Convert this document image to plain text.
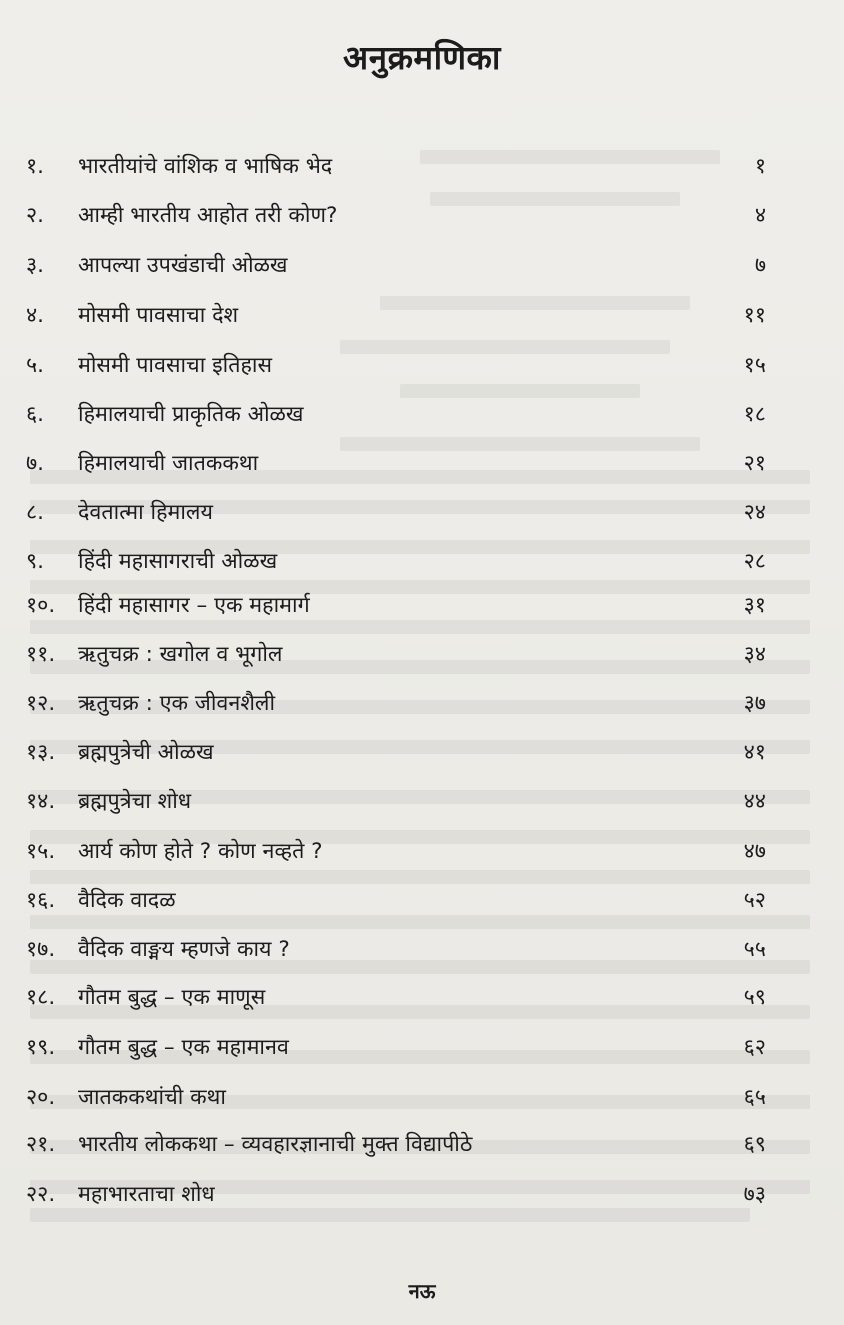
अनुक्रमणिका
१.	भारतीयांचे वांशिक व भाषिक भेद	१
२.	आम्ही भारतीय आहोत तरी कोण?	४
३.	आपल्या उपखंडाची ओळख	७
४.	मोसमी पावसाचा देश	११
५.	मोसमी पावसाचा इतिहास	१५
६.	हिमालयाची प्राकृतिक ओळख	१८
७.	हिमालयाची जातककथा	२१
८.	देवतात्मा हिमालय	२४
९.	हिंदी महासागराची ओळख	२८
१०.	हिंदी महासागर – एक महामार्ग	३१
११.	ऋतुचक्र : खगोल व भूगोल	३४
१२.	ऋतुचक्र : एक जीवनशैली	३७
१३.	ब्रह्मपुत्रेची ओळख	४१
१४.	ब्रह्मपुत्रेचा शोध	४४
१५.	आर्य कोण होते ? कोण नव्हते ?	४७
१६.	वैदिक वादळ	५२
१७.	वैदिक वाङ्मय म्हणजे काय ?	५५
१८.	गौतम बुद्ध – एक माणूस	५९
१९.	गौतम बुद्ध – एक महामानव	६२
२०.	जातककथांची कथा	६५
२१.	भारतीय लोककथा – व्यवहारज्ञानाची मुक्त विद्यापीठे	६९
२२.	महाभारताचा शोध	७३
नऊ
